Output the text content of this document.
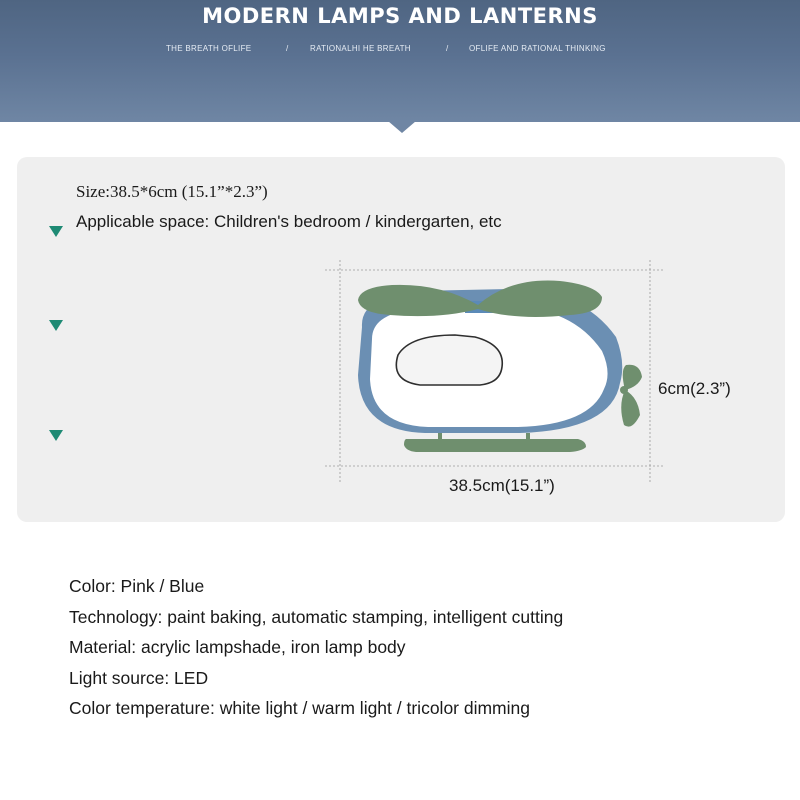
MODERN LAMPS AND LANTERNS
THE BREATH OFLIFE	/	RATIONALHI HE BREATH	/	OFLIFE AND RATIONAL THINKING
Size:38.5*6cm (15.1”*2.3”)
Applicable space: Children's bedroom / kindergarten, etc
6cm(2.3”)
38.5cm(15.1”)
Color: Pink / Blue
Technology: paint baking, automatic stamping, intelligent cutting
Material: acrylic lampshade, iron lamp body
Light source: LED
Color temperature: white light / warm light / tricolor dimming
